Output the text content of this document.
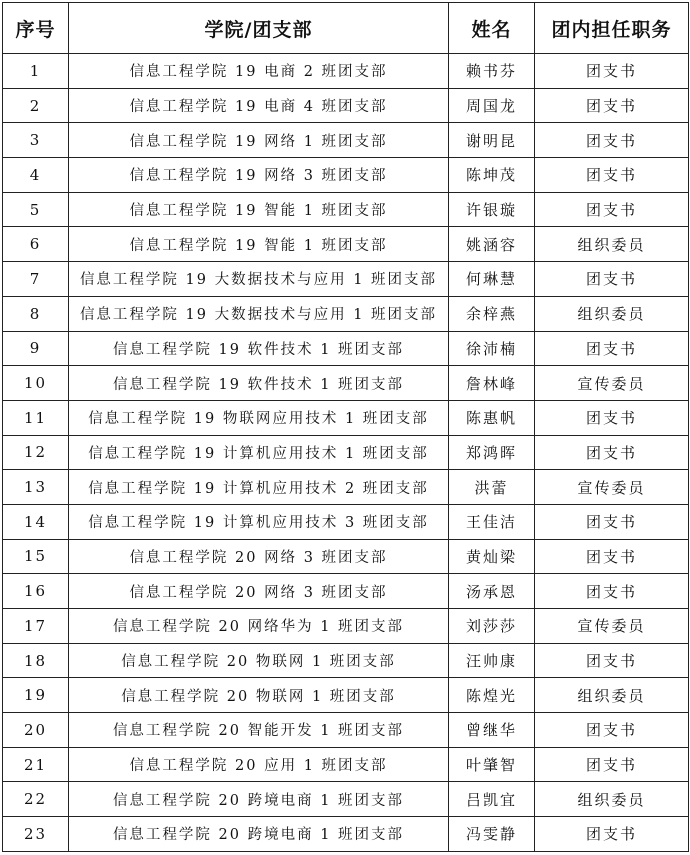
序号	学院/团支部	姓名	团内担任职务
1	信息工程学院 19 电商 2 班团支部	赖书芬	团支书
2	信息工程学院 19 电商 4 班团支部	周国龙	团支书
3	信息工程学院 19 网络 1 班团支部	谢明昆	团支书
4	信息工程学院 19 网络 3 班团支部	陈坤茂	团支书
5	信息工程学院 19 智能 1 班团支部	许银璇	团支书
6	信息工程学院 19 智能 1 班团支部	姚涵容	组织委员
7	信息工程学院 19 大数据技术与应用 1 班团支部	何琳慧	团支书
8	信息工程学院 19 大数据技术与应用 1 班团支部	余梓燕	组织委员
9	信息工程学院 19 软件技术 1 班团支部	徐沛楠	团支书
10	信息工程学院 19 软件技术 1 班团支部	詹林峰	宣传委员
11	信息工程学院 19 物联网应用技术 1 班团支部	陈惠帆	团支书
12	信息工程学院 19 计算机应用技术 1 班团支部	郑鸿晖	团支书
13	信息工程学院 19 计算机应用技术 2 班团支部	洪蕾	宣传委员
14	信息工程学院 19 计算机应用技术 3 班团支部	王佳洁	团支书
15	信息工程学院 20 网络 3 班团支部	黄灿梁	团支书
16	信息工程学院 20 网络 3 班团支部	汤承恩	团支书
17	信息工程学院 20 网络华为 1 班团支部	刘莎莎	宣传委员
18	信息工程学院 20 物联网 1 班团支部	汪帅康	团支书
19	信息工程学院 20 物联网 1 班团支部	陈煌光	组织委员
20	信息工程学院 20 智能开发 1 班团支部	曾继华	团支书
21	信息工程学院 20 应用 1 班团支部	叶肇智	团支书
22	信息工程学院 20 跨境电商 1 班团支部	吕凯宜	组织委员
23	信息工程学院 20 跨境电商 1 班团支部	冯雯静	团支书
